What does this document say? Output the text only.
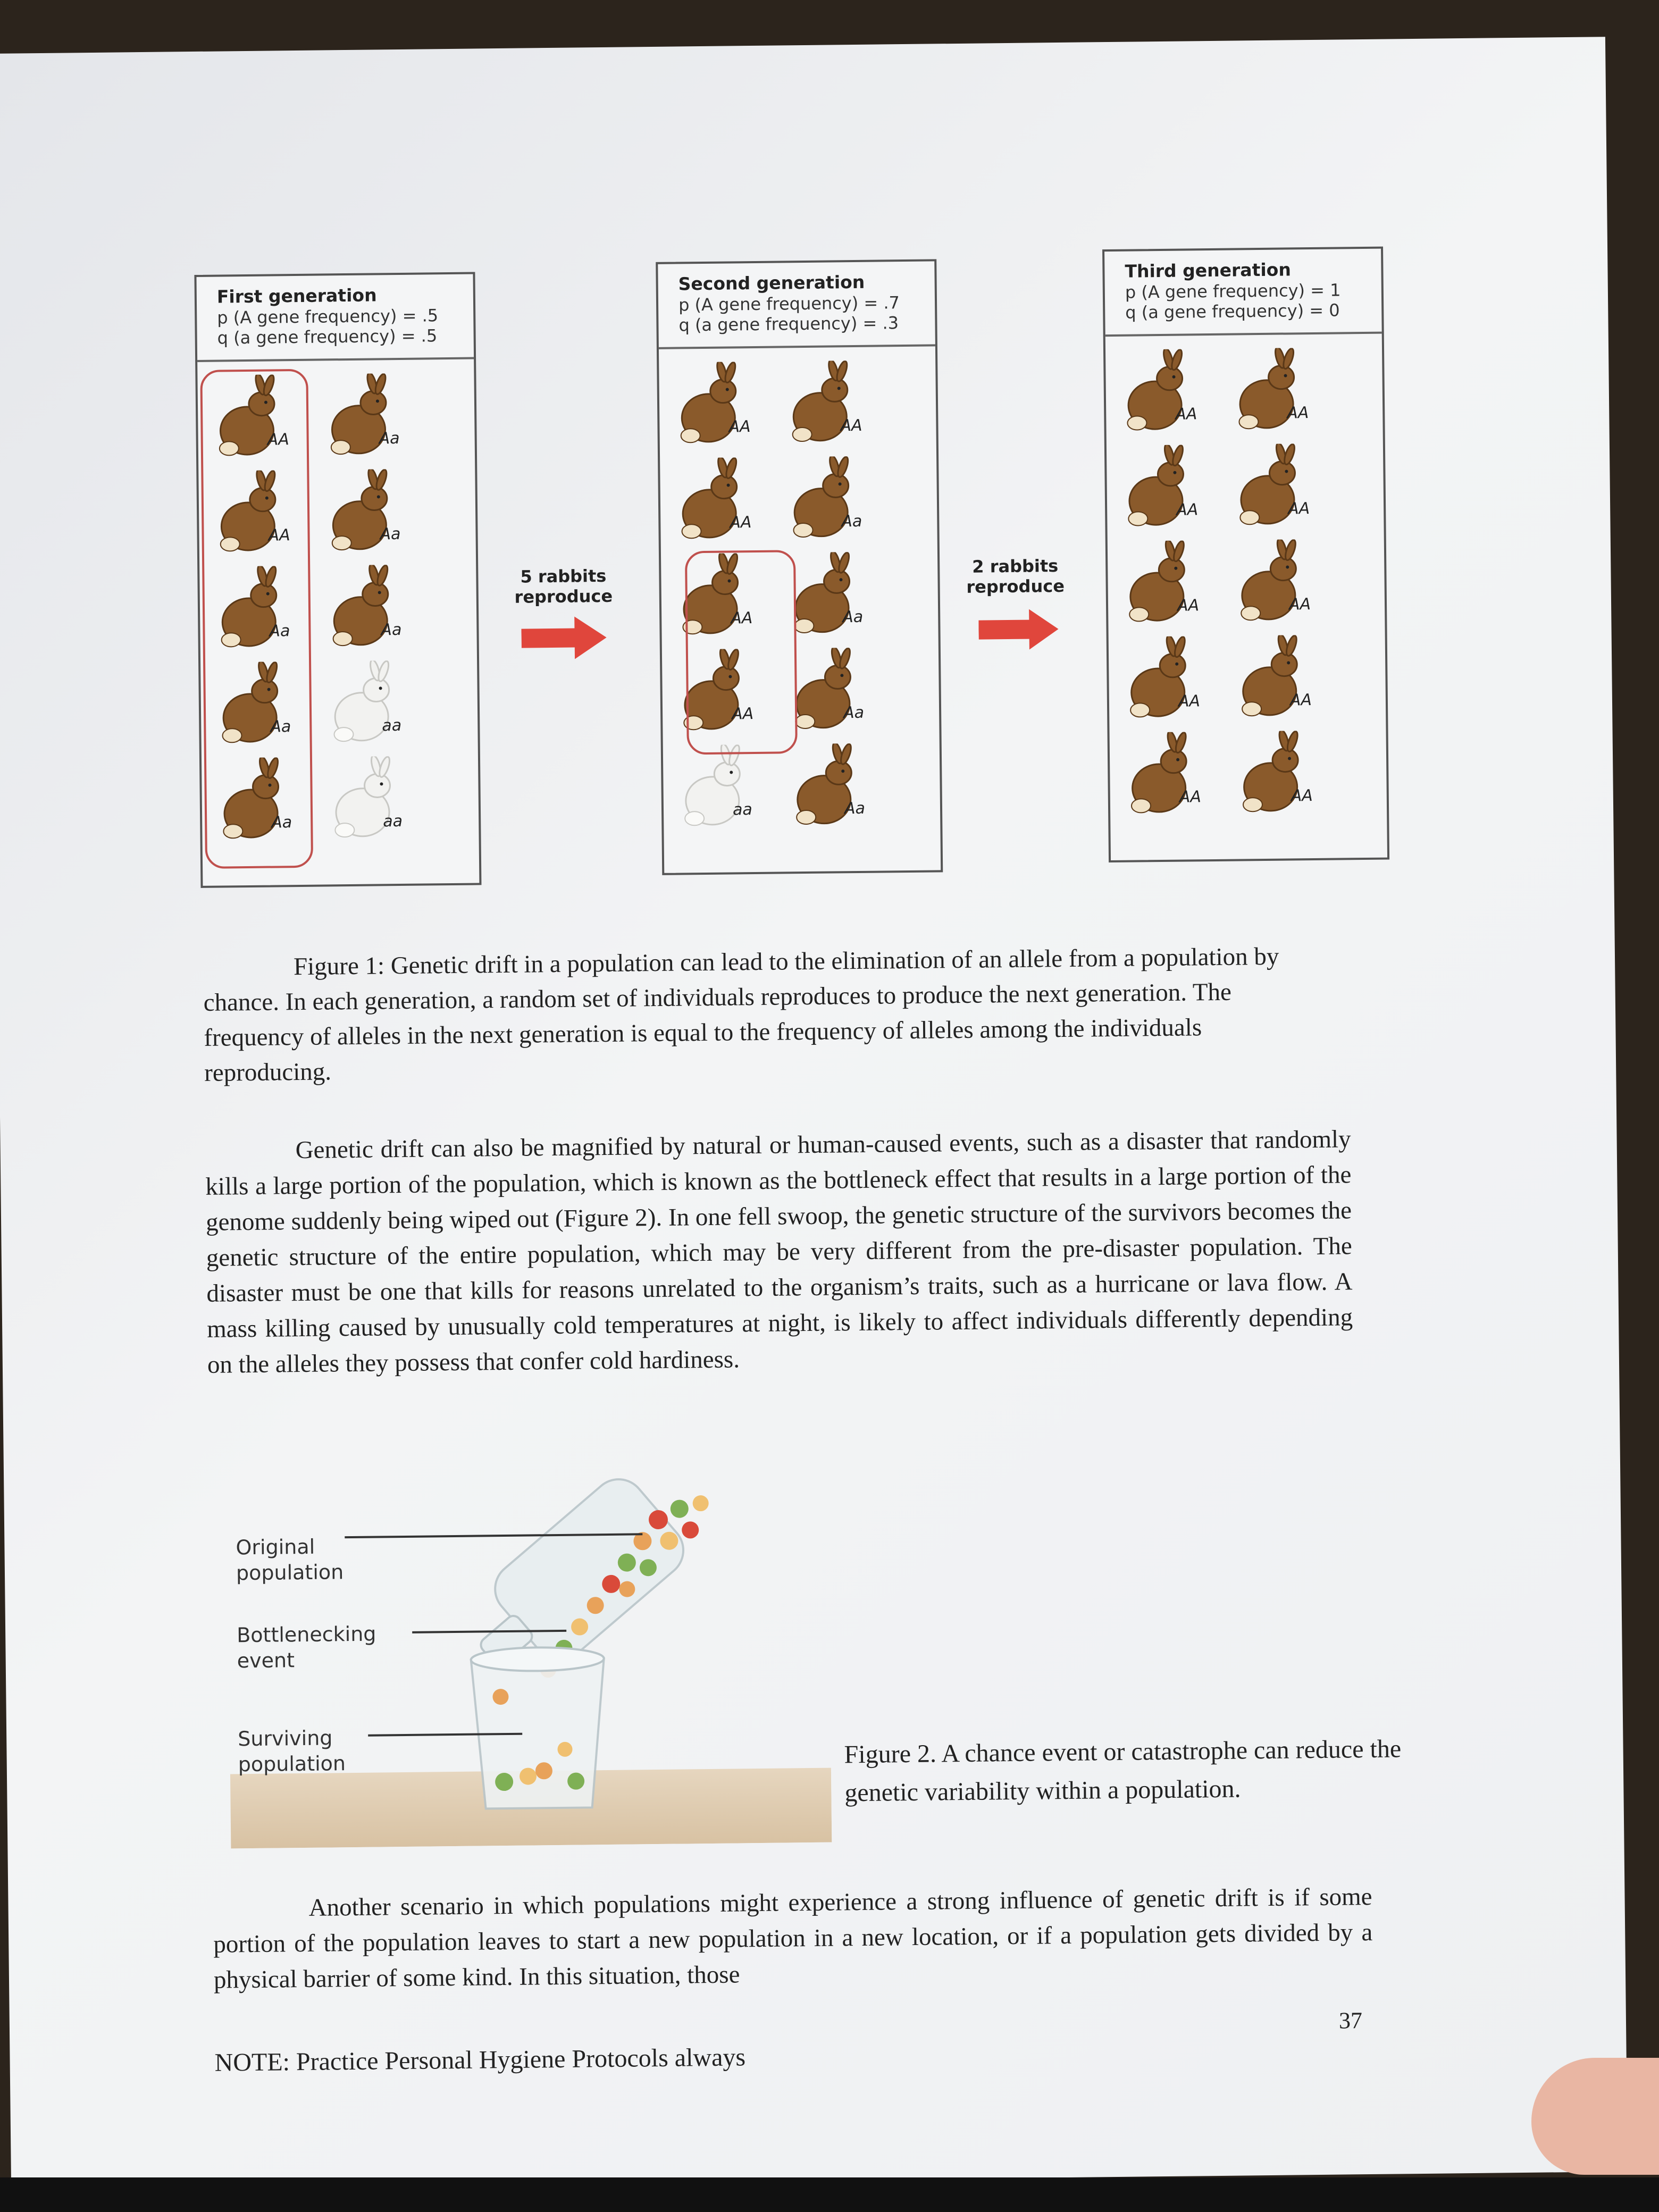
First generation
p (A gene frequency) = .5
q (a gene frequency) = .5
AA	Aa
AA	Aa
Aa	Aa
Aa	aa
Aa	aa
Second generation
p (A gene frequency) = .7
q (a gene frequency) = .3
AA	AA
AA	Aa
AA	Aa
AA	Aa
aa	Aa
Third generation
p (A gene frequency) = 1
q (a gene frequency) = 0
AA	AA
AA	AA
AA	AA
AA	AA
AA	AA
5 rabbits
reproduce
2 rabbits
reproduce
Figure 1: Genetic drift in a population can lead to the elimination of an allele from a population by chance. In each generation, a random set of individuals reproduces to produce the next generation. The frequency of alleles in the next generation is equal to the frequency of alleles among the individuals reproducing.
Genetic drift can also be magnified by natural or human-caused events, such as a disaster that randomly kills a large portion of the population, which is known as the bottleneck effect that results in a large portion of the genome suddenly being wiped out (Figure 2). In one fell swoop, the genetic structure of the survivors becomes the genetic structure of the entire population, which may be very different from the pre-disaster population. The disaster must be one that kills for reasons unrelated to the organism’s traits, such as a hurricane or lava flow. A mass killing caused by unusually cold temperatures at night, is likely to affect individuals differently depending on the alleles they possess that confer cold hardiness.
Original
population
Bottlenecking
event
Surviving
population	Figure 2. A chance event or catastrophe can reduce the genetic variability within a population.
Another scenario in which populations might experience a strong influence of genetic drift is if some portion of the population leaves to start a new population in a new location, or if a population gets divided by a physical barrier of some kind. In this situation, those
37
NOTE: Practice Personal Hygiene Protocols always
